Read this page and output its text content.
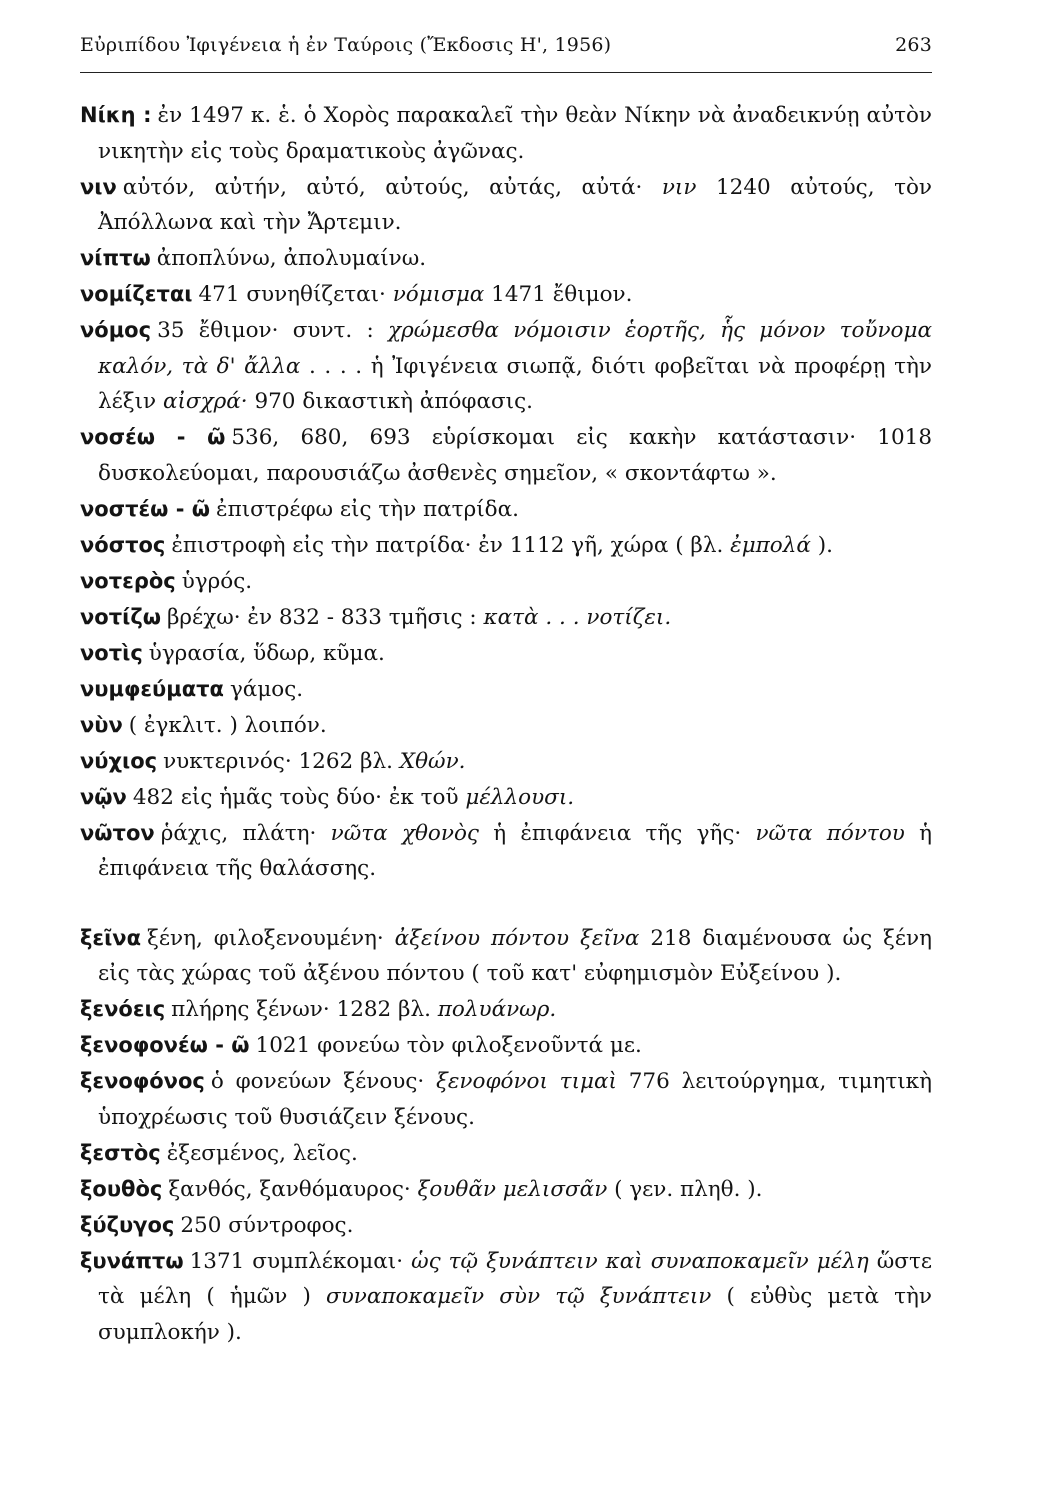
Εὐριπίδου Ἰφιγένεια ἡ ἐν Ταύροις (Ἔκδοσις Η', 1956)	263

Νίκη : ἐν 1497 κ. ἑ. ὁ Χορὸς παρακαλεῖ τὴν θεὰν Νίκην νὰ ἀναδεικνύῃ αὐτὸν νικητὴν εἰς τοὺς δραματικοὺς ἀγῶνας.

νιν αὐτόν, αὐτήν, αὐτό, αὐτούς, αὐτάς, αὐτά· νιν 1240 αὐτούς, τὸν Ἀπόλλωνα καὶ τὴν Ἄρτεμιν.

νίπτω ἀποπλύνω, ἀπολυμαίνω.

νομίζεται 471 συνηθίζεται· νόμισμα 1471 ἔθιμον.

νόμος 35 ἔθιμον· συντ. : χρώμεσθα νόμοισιν ἑορτῆς, ἧς μόνον τοὔνομα καλόν, τὰ δ' ἄλλα . . . . ἡ Ἰφιγένεια σιωπᾷ, διότι φοβεῖται νὰ προφέρῃ τὴν λέξιν αἰσχρά· 970 δικαστικὴ ἀπόφασις.

νοσέω - ῶ 536, 680, 693 εὑρίσκομαι εἰς κακὴν κατάστασιν· 1018 δυσκολεύομαι, παρουσιάζω ἀσθενὲς σημεῖον, « σκοντάφτω ».

νοστέω - ῶ ἐπιστρέφω εἰς τὴν πατρίδα.

νόστος ἐπιστροφὴ εἰς τὴν πατρίδα· ἐν 1112 γῆ, χώρα ( βλ. ἐμπολά ).

νοτερὸς ὑγρός.

νοτίζω βρέχω· ἐν 832 - 833 τμῆσις : κατὰ . . . νοτίζει.

νοτὶς ὑγρασία, ὕδωρ, κῦμα.

νυμφεύματα γάμος.

νὺν ( ἐγκλιτ. ) λοιπόν.

νύχιος νυκτερινός· 1262 βλ. Χθών.

νῷν 482 εἰς ἡμᾶς τοὺς δύο· ἐκ τοῦ μέλλουσι.

νῶτον ῥάχις, πλάτη· νῶτα χθονὸς ἡ ἐπιφάνεια τῆς γῆς· νῶτα πόντου ἡ ἐπιφάνεια τῆς θαλάσσης.

ξεῖνα ξένη, φιλοξενουμένη· ἀξείνου πόντου ξεῖνα 218 διαμένουσα ὡς ξένη εἰς τὰς χώρας τοῦ ἀξένου πόντου ( τοῦ κατ' εὐφημισμὸν Εὐξείνου ).

ξενόεις πλήρης ξένων· 1282 βλ. πολυάνωρ.

ξενοφονέω - ῶ 1021 φονεύω τὸν φιλοξενοῦντά με.

ξενοφόνος ὁ φονεύων ξένους· ξενοφόνοι τιμαὶ 776 λειτούργημα, τιμητικὴ ὑποχρέωσις τοῦ θυσιάζειν ξένους.

ξεστὸς ἐξεσμένος, λεῖος.

ξουθὸς ξανθός, ξανθόμαυρος· ξουθᾶν μελισσᾶν ( γεν. πληθ. ).

ξύζυγος 250 σύντροφος.

ξυνάπτω 1371 συμπλέκομαι· ὡς τῷ ξυνάπτειν καὶ συναποκαμεῖν μέλη ὥστε τὰ μέλη ( ἡμῶν ) συναποκαμεῖν σὺν τῷ ξυνάπτειν ( εὐθὺς μετὰ τὴν συμπλοκήν ).
